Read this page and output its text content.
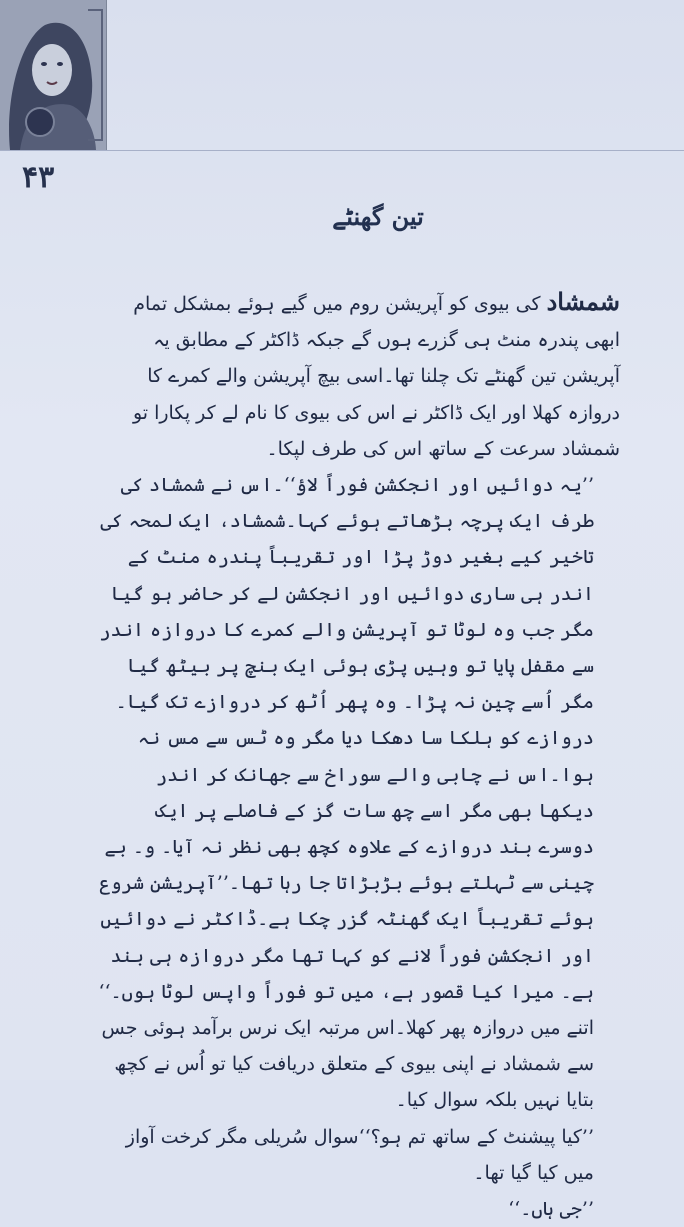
۴۳
تین گھنٹے

شمشاد کی بیوی کو آپریشن روم میں گیے ہوئے بمشکل تمام ابھی پندرہ منٹ ہی گزرے ہوں گے جبکہ ڈاکٹر کے مطابق یہ آپریشن تین گھنٹے تک چلنا تھا۔اسی بیچ آپریشن والے کمرے کا دروازہ کھلا اور ایک ڈاکٹر نے اس کی بیوی کا نام لے کر پکارا تو شمشاد سرعت کے ساتھ اس کی طرف لپکا۔

’’یہ دوائیں اور انجکشن فوراً لاؤ‘‘۔اس نے شمشاد کی طرف ایک پرچہ بڑھاتے ہوئے کہا۔شمشاد، ایک لمحہ کی تاخیر کیے بغیر دوڑ پڑا اور تقریباً پندرہ منٹ کے اندر ہی ساری دوائیں اور انجکشن لے کر حاضر ہو گیا مگر جب وہ لوٹا تو آپریشن والے کمرے کا دروازہ اندر سے مقفل پایا تو وہیں پڑی ہوئی ایک بنچ پر بیٹھ گیا مگر اُسے چین نہ پڑا۔ وہ پھر اُٹھ کر دروازے تک گیا۔ دروازے کو ہلکا سا دھکا دیا مگر وہ ٹس سے مس نہ ہوا۔اس نے چابی والے سوراخ سے جھانک کر اندر دیکھا بھی مگر اسے چھ سات گز کے فاصلے پر ایک دوسرے بند دروازے کے علاوہ کچھ بھی نظر نہ آیا۔ و۔ بے چینی سے ٹہلتے ہوئے بڑبڑاتا جا رہا تھا۔’’آپریشن شروع ہوئے تقریباً ایک گھنٹہ گزر چکا ہے۔ڈاکٹر نے دوائیں اور انجکشن فوراً لانے کو کہا تھا مگر دروازہ ہی بند ہے۔ میرا کیا قصور ہے، میں تو فوراً واپس لوٹا ہوں۔‘‘

اتنے میں دروازہ پھر کھلا۔اس مرتبہ ایک نرس برآمد ہوئی جس سے شمشاد نے اپنی بیوی کے متعلق دریافت کیا تو اُس نے کچھ بتایا نہیں بلکہ سوال کیا۔

’’کیا پیشنٹ کے ساتھ تم ہو؟‘‘سوال سُریلی مگر کرخت آواز میں کیا گیا تھا۔

’’جی ہاں۔‘‘
